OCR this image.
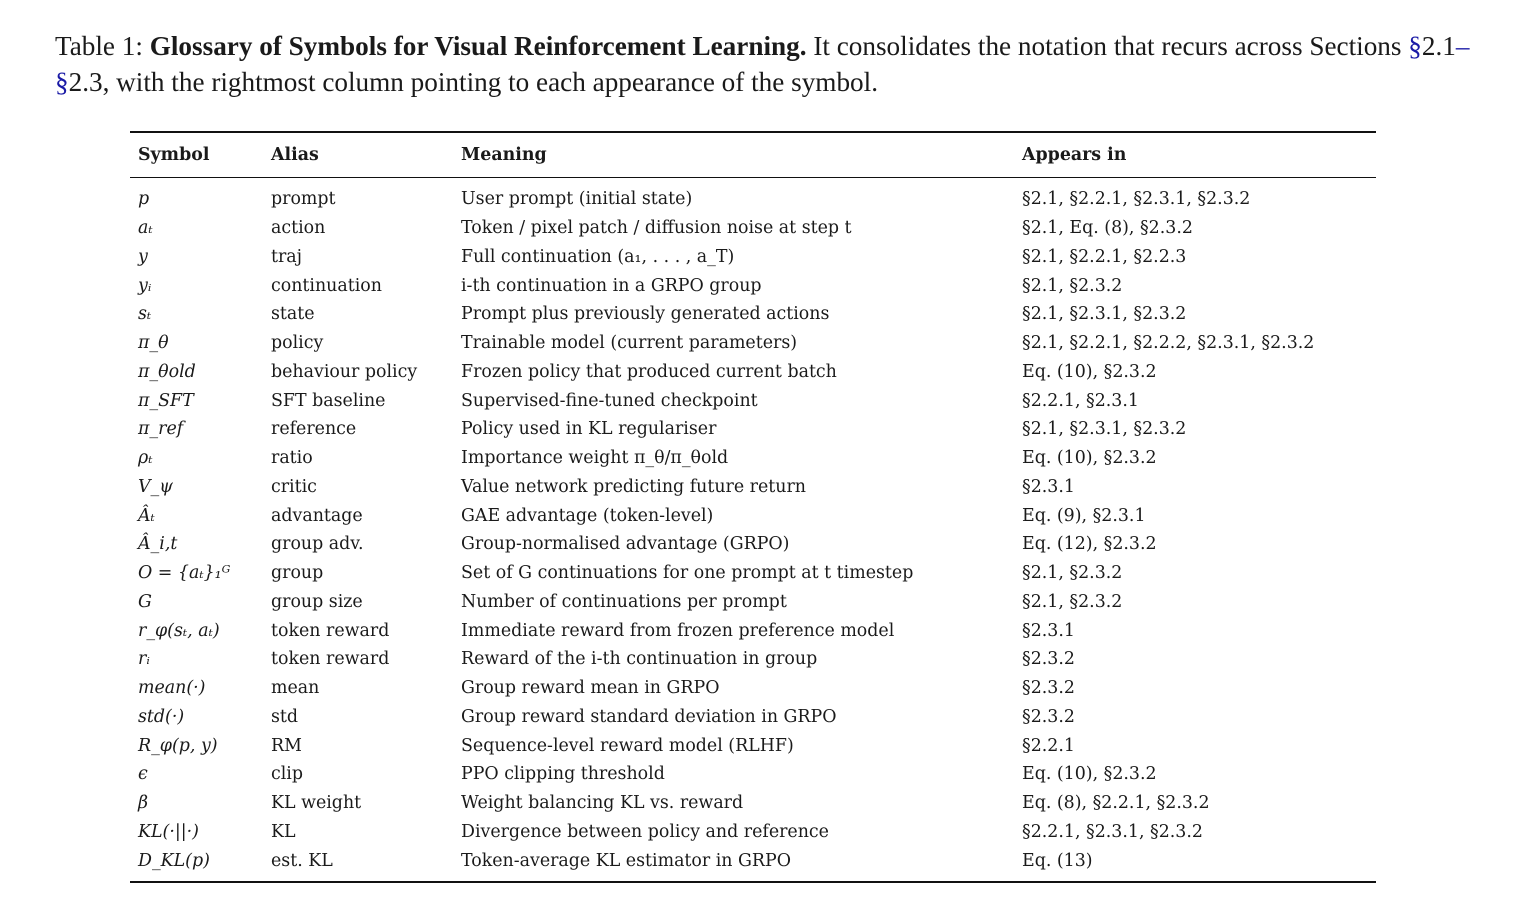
Table 1: Glossary of Symbols for Visual Reinforcement Learning. It consolidates the notation that recurs across Sections §2.1–§2.3, with the rightmost column pointing to each appearance of the symbol.
Symbol	Alias	Meaning	Appears in
p	prompt	User prompt (initial state)	§2.1, §2.2.1, §2.3.1, §2.3.2
aₜ	action	Token / pixel patch / diffusion noise at step t	§2.1, Eq. (8), §2.3.2
y	traj	Full continuation (a₁, . . . , a_T)	§2.1, §2.2.1, §2.2.3
yᵢ	continuation	i-th continuation in a GRPO group	§2.1, §2.3.2
sₜ	state	Prompt plus previously generated actions	§2.1, §2.3.1, §2.3.2
π_θ	policy	Trainable model (current parameters)	§2.1, §2.2.1, §2.2.2, §2.3.1, §2.3.2
π_θold	behaviour policy	Frozen policy that produced current batch	Eq. (10), §2.3.2
π_SFT	SFT baseline	Supervised-fine-tuned checkpoint	§2.2.1, §2.3.1
π_ref	reference	Policy used in KL regulariser	§2.1, §2.3.1, §2.3.2
ρₜ	ratio	Importance weight π_θ/π_θold	Eq. (10), §2.3.2
V_ψ	critic	Value network predicting future return	§2.3.1
Âₜ	advantage	GAE advantage (token-level)	Eq. (9), §2.3.1
Â_i,t	group adv.	Group-normalised advantage (GRPO)	Eq. (12), §2.3.2
O = {aₜ}₁ᴳ	group	Set of G continuations for one prompt at t timestep	§2.1, §2.3.2
G	group size	Number of continuations per prompt	§2.1, §2.3.2
r_φ(sₜ, aₜ)	token reward	Immediate reward from frozen preference model	§2.3.1
rᵢ	token reward	Reward of the i-th continuation in group	§2.3.2
mean(·)	mean	Group reward mean in GRPO	§2.3.2
std(·)	std	Group reward standard deviation in GRPO	§2.3.2
R_φ(p, y)	RM	Sequence-level reward model (RLHF)	§2.2.1
ϵ	clip	PPO clipping threshold	Eq. (10), §2.3.2
β	KL weight	Weight balancing KL vs. reward	Eq. (8), §2.2.1, §2.3.2
KL(·||·)	KL	Divergence between policy and reference	§2.2.1, §2.3.1, §2.3.2
D_KL(p)	est. KL	Token-average KL estimator in GRPO	Eq. (13)
